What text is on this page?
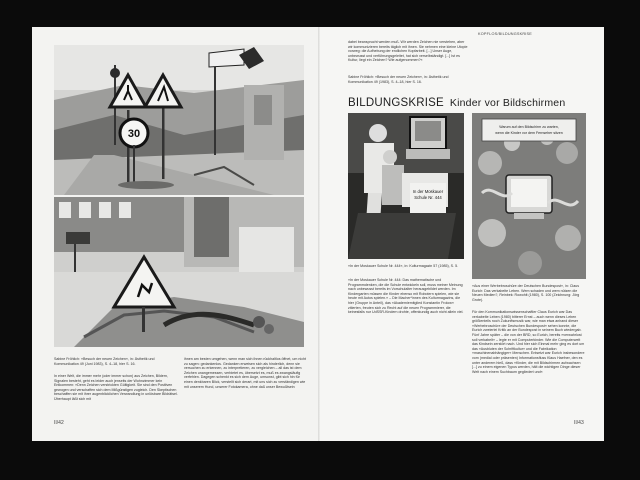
30
Sabine Fröhlich: »Besuch der neuen Zeichen«, in: Ästhetik und Kommunikation 49 (Juni 1983), S. 4–18, hier S. 16.
In einer Welt, die immer mehr (oder immer schon) aus Zeichen, Bildern, Signalen besteht, geht es leider auch jenseits der Wohnzimmer kein Entkommen: »Denn Zeichen verstrickten Gültigkeit. Sie sind den Positiven gewogen und verschaffen sich dem Mißgünstigen zugleich. Den Skeptischen beschaffen sie mit ihrer augenblicklichen Verwandlung in unlösbare Bildrätsel. Überhaupt läßt sich mit
ihnen am besten umgehen, wenn man sich ihnen rückhaltlos öffnet, um nicht zu sagen: gedankenlos. Gedanken erweisen sich als hinderlich, denn sie versuchen zu erkennen, zu interpretieren, zu vergleichen – all das ist dem Zeichen unangemessen, verbietet es, übersetzt es, muß es zwangsläufig verfehlen. Dagegen schenkt es sich dem Auge, umsonst, gibt sich hin für einen denkbaren Blick, verstellt sich derart, mit uns sich zu verständigen wie mit unserem Hund, unserer Fotokamera, ohne daß unser Bewußtsein
II/42
KOPFLOS/BILDUNGSKRISE
dabei beansprucht werden muß. Wir werden Zeichen nie verstehen, aber wir kommunizieren bereits täglich mit ihnen. Sie nehmen eine kleine Utopie vorweg: die Aufhebung der endlichen Kopfarbeit. [...] Unser Auge, unbewusst und verführungsgeleitet, hat sich verselbständigt. [...] Ist es Kultur, liegt ein Zeichen? Wie aufgenommen?«
Sabine Fröhlich: »Besuch der neuen Zeichen«, in: Ästhetik und Kommunikation 49 (1983), S. 4–18, hier S. 16.
BILDUNGSKRISE Kinder vor Bildschirmen
In der Moskauer
Schule Nr. 444
Warum auf den Bildschirm zu warten,
wenn die Kinder vor dem Fernseher sitzen
»In der Moskauer Schule Nr. 444«, in: Kulturmagazin 57 (1985), S. 5.
»In der Moskauer Schule Nr. 444: Das mathematische und Programmdenken, die die Schule entwickeln soll, muss meiner Meinung nach unbewusst bereits im Vorschulalter herausgebildet werden. Im Kindergarten müssen die Kinder ebenso mit Robotern spielen, wie sie heute mit Autos spielen.« – Die Macher*innen des Kulturmagazins, die hier (Gruppe in Anteil), das »Akademiemitglied Konstantin Frolow« zitierten, freuten sich zu Recht auf die neuen Programmierer, die keinesfalls nur UdSSR-Kindern drohte, offenkundig auch nicht allein viel.
»Aus einer Werbebroschüre der Deutschen Bundespost«, in: Claus Eurich: Das verkabelte Leben. Wem schaden und wem nützen die Neuen Medien?, Reinbek: Rowohlt (1980), S. 100 (Zeichnung: Jörg Grote).
Für den Kommunikationswissenschaftler Claus Eurich war Das verkabelte Leben (1980) bitterer Ernst – auch wenn dieses Leben größtenteils noch Zukunftsmusik war, wie man etwa anhand dieser »Werbebroschüre der Deutschen Bundespost« sehen konnte, die Eurich zweierlei Kritik an der Bundespost in seinem Buch wiedergab. Fünf Jahre später – die von der BRD, so Eurich, bereits »verwahrlost soll verkabelt« – legte er mit Computerkinder. Wie die Computerwelt das Kindsein zerstört nach. Und hier sich Einmal mehr ging es dort um das »Ausbluten der Schriftkultur« und die Fabrikation »maschinenabhängiger« Menschen. Entsetzt war Eurich insbesondere vom (medial oder präsenten) Informationsfluss Klaus Haefner, den es unter anderem hieß, dass »Kinder, die mit Bildschirmen aufwachsen [...] zu einem eigenen Typus werden, hält die wichtigen Dinge dieser Welt nach einem Suchbaum gegliedert und«
II/43
